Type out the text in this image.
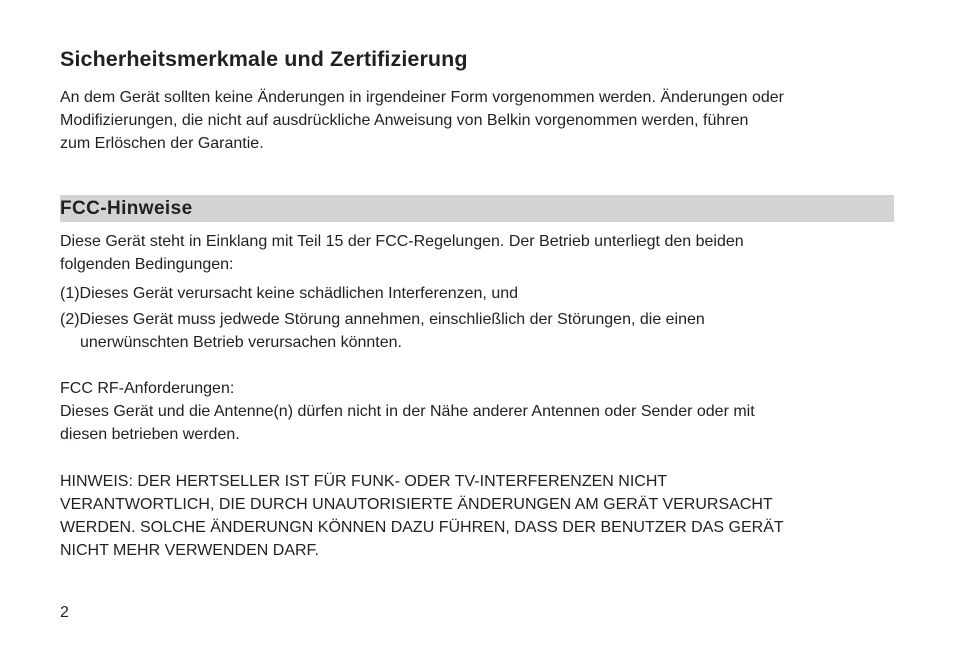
Sicherheitsmerkmale und Zertifizierung

An dem Gerät sollten keine Änderungen in irgendeiner Form vorgenommen werden. Änderungen oder
Modifizierungen, die nicht auf ausdrückliche Anweisung von Belkin vorgenommen werden, führen
zum Erlöschen der Garantie.

FCC-Hinweise

Diese Gerät steht in Einklang mit Teil 15 der FCC-Regelungen. Der Betrieb unterliegt den beiden
folgenden Bedingungen:

(1)Dieses Gerät verursacht keine schädlichen Interferenzen, und

(2)Dieses Gerät muss jedwede Störung annehmen, einschließlich der Störungen, die einen
unerwünschten Betrieb verursachen könnten.

FCC RF-Anforderungen:
Dieses Gerät und die Antenne(n) dürfen nicht in der Nähe anderer Antennen oder Sender oder mit
diesen betrieben werden.

HINWEIS: DER HERTSELLER IST FÜR FUNK- ODER TV-INTERFERENZEN NICHT
VERANTWORTLICH, DIE DURCH UNAUTORISIERTE ÄNDERUNGEN AM GERÄT VERURSACHT
WERDEN. SOLCHE ÄNDERUNGN KÖNNEN DAZU FÜHREN, DASS DER BENUTZER DAS GERÄT
NICHT MEHR VERWENDEN DARF.

2
